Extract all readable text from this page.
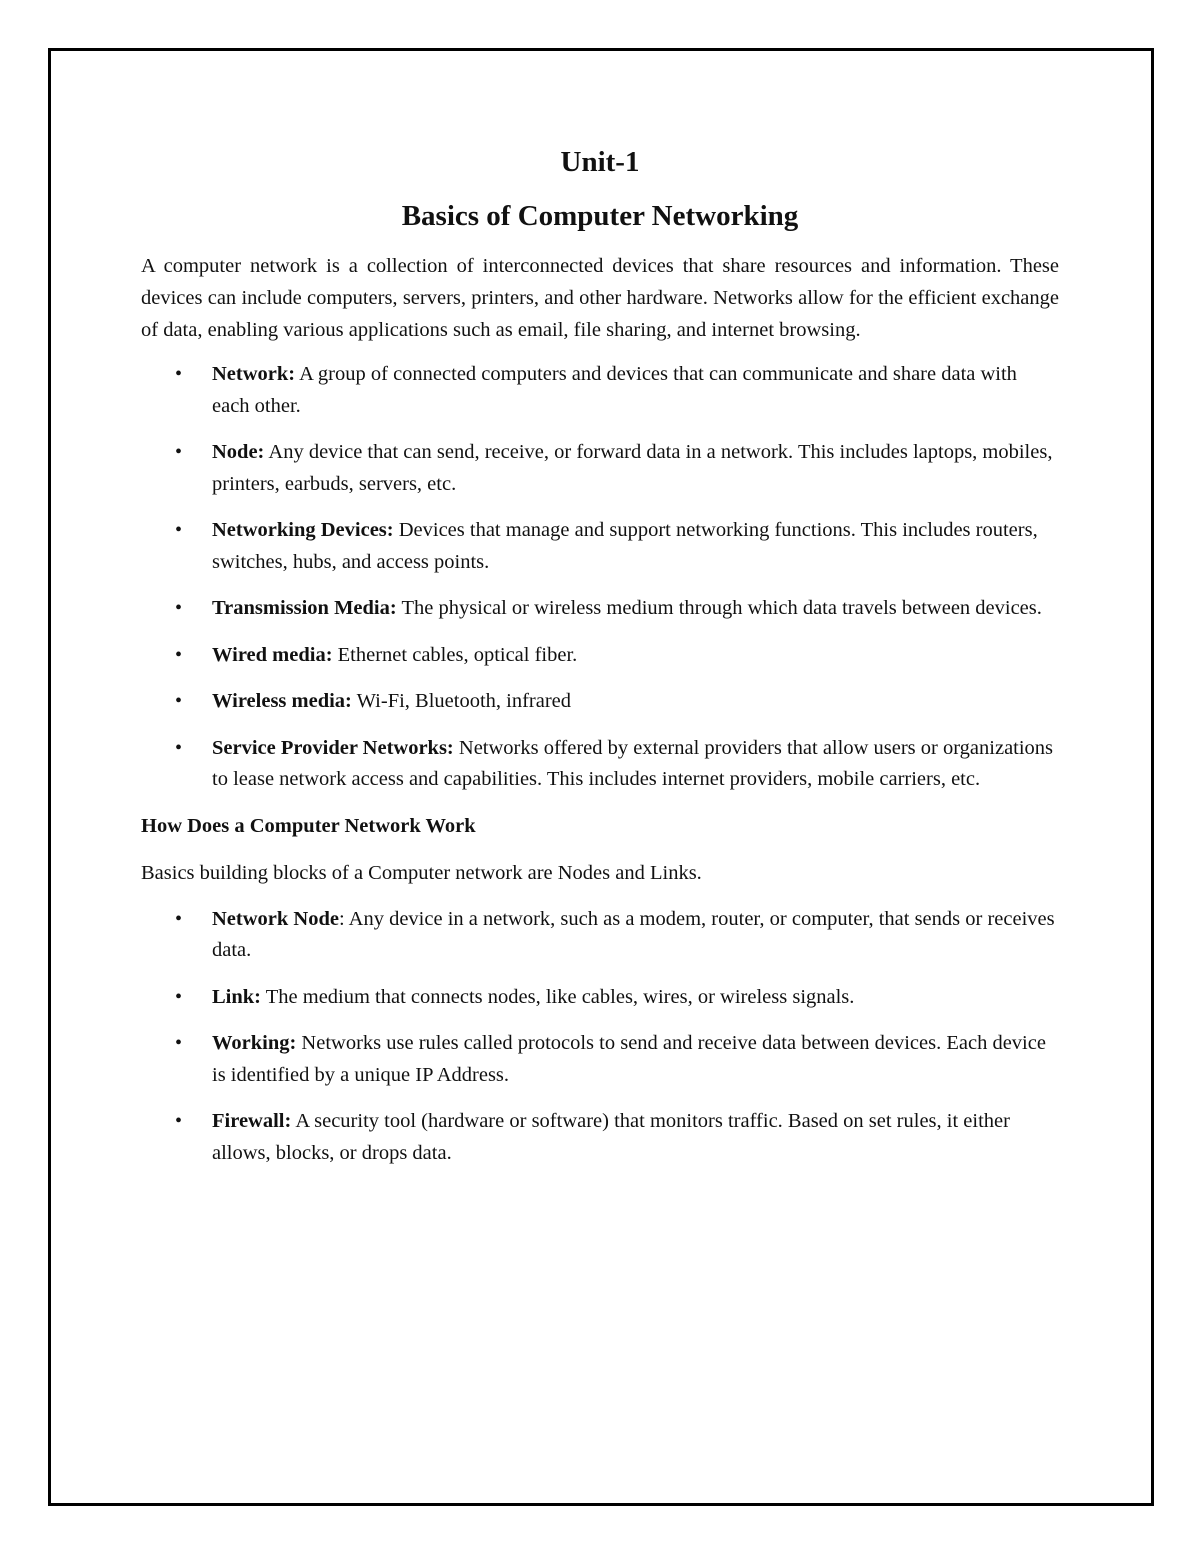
Unit-1
Basics of Computer Networking

A computer network is a collection of interconnected devices that share resources and information. These devices can include computers, servers, printers, and other hardware. Networks allow for the efficient exchange of data, enabling various applications such as email, file sharing, and internet browsing.

• Network: A group of connected computers and devices that can communicate and share data with each other.
• Node: Any device that can send, receive, or forward data in a network. This includes laptops, mobiles, printers, earbuds, servers, etc.
• Networking Devices: Devices that manage and support networking functions. This includes routers, switches, hubs, and access points.
• Transmission Media: The physical or wireless medium through which data travels between devices.
• Wired media: Ethernet cables, optical fiber.
• Wireless media: Wi-Fi, Bluetooth, infrared
• Service Provider Networks: Networks offered by external providers that allow users or organizations to lease network access and capabilities. This includes internet providers, mobile carriers, etc.

How Does a Computer Network Work

Basics building blocks of a Computer network are Nodes and Links.

• Network Node: Any device in a network, such as a modem, router, or computer, that sends or receives data.
• Link: The medium that connects nodes, like cables, wires, or wireless signals.
• Working: Networks use rules called protocols to send and receive data between devices. Each device is identified by a unique IP Address.
• Firewall: A security tool (hardware or software) that monitors traffic. Based on set rules, it either allows, blocks, or drops data.
